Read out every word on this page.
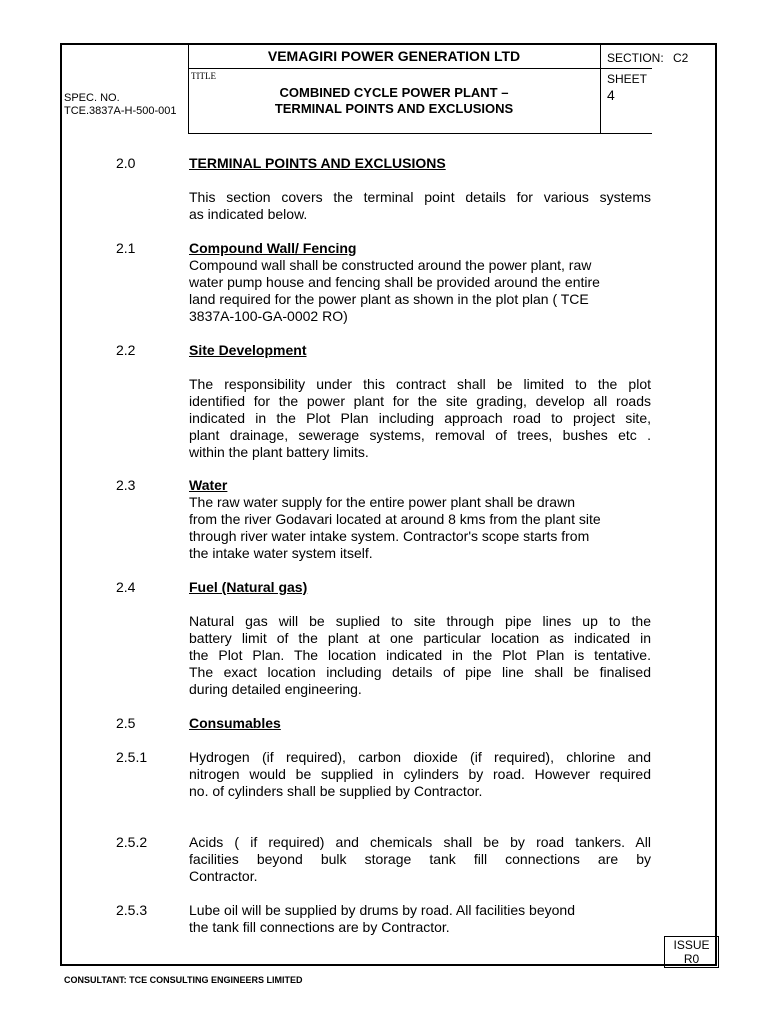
VEMAGIRI POWER GENERATION LTD	SECTION: C2
TITLE
COMBINED CYCLE POWER PLANT –
TERMINAL POINTS AND EXCLUSIONS
SHEET
4
SPEC. NO.
TCE.3837A-H-500-001
2.0	TERMINAL POINTS AND EXCLUSIONS
This section covers the terminal point details for various systems
as indicated below.
2.1	Compound Wall/ Fencing
Compound wall shall be constructed around the power plant, raw
water pump house and fencing shall be provided around the entire
land required for the power plant as shown in the plot plan ( TCE
3837A-100-GA-0002 RO)
2.2	Site Development
The responsibility under this contract shall be limited to the plot
identified for the power plant for the site grading, develop all roads
indicated in the Plot Plan including approach road to project site,
plant drainage, sewerage systems, removal of trees, bushes etc .
within the plant battery limits.
2.3	Water
The raw water supply for the entire power plant shall be drawn
from the river Godavari located at around 8 kms from the plant site
through river water intake system. Contractor's scope starts from
the intake water system itself.
2.4	Fuel (Natural gas)
Natural gas will be suplied to site through pipe lines up to the
battery limit of the plant at one particular location as indicated in
the Plot Plan. The location indicated in the Plot Plan is tentative.
The exact location including details of pipe line shall be finalised
during detailed engineering.
2.5	Consumables
2.5.1	Hydrogen (if required), carbon dioxide (if required), chlorine and
nitrogen would be supplied in cylinders by road. However required
no. of cylinders shall be supplied by Contractor.
2.5.2	Acids ( if required) and chemicals shall be by road tankers. All
facilities beyond bulk storage tank fill connections are by
Contractor.
2.5.3	Lube oil will be supplied by drums by road. All facilities beyond
the tank fill connections are by Contractor.
ISSUE
R0
CONSULTANT: TCE CONSULTING ENGINEERS LIMITED
